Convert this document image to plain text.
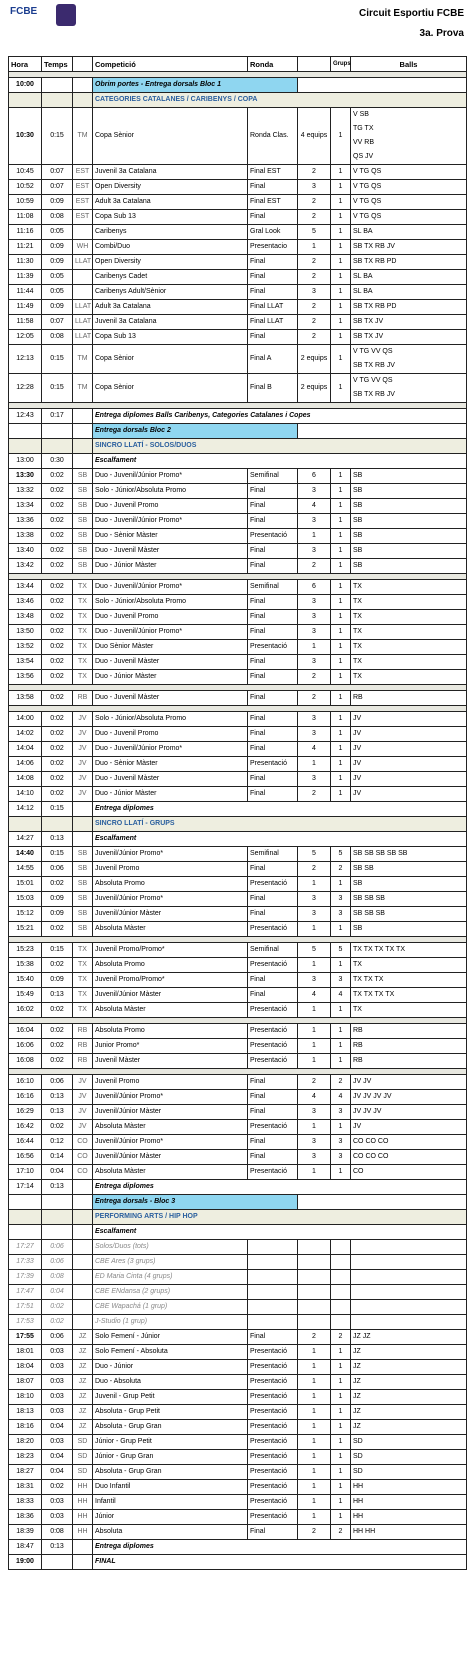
FCBE	Circuit Esportiu FCBE
3a. Prova
Hora	Temps		Competició	Ronda		Grups	Balls

10:00			Obrim portes - Entrega dorsals Bloc 1				
			CATEGORIES CATALANES / CARIBENYS / COPA				
10:30	0:15	TM	Copa Sènior	Ronda Clas.	4 equips	1	V SB
TG TX
VV RB
QS JV

10:45	0:07	EST	Juvenil 3a Catalana	Final EST	2	1	V TG QS

10:52	0:07	EST	Open Diversity	Final	3	1	V TG QS

10:59	0:09	EST	Adult 3a Catalana	Final EST	2	1	V TG QS

11:08	0:08	EST	Copa Sub 13	Final	2	1	V TG QS

11:16	0:05		Caribenys	Gral Look	5	1	SL BA

11:21	0:09	WH	Combi/Duo	Presentacio	1	1	SB TX RB JV

11:30	0:09	LLAT	Open Diversity	Final	2	1	SB TX RB PD

11:39	0:05		Caribenys Cadet	Final	2	1	SL BA

11:44	0:05		Caribenys Adult/Sènior	Final	3	1	SL BA

11:49	0:09	LLAT	Adult 3a Catalana	Final LLAT	2	1	SB TX RB PD

11:58	0:07	LLAT	Juvenil 3a Catalana	Final LLAT	2	1	SB TX JV

12:05	0:08	LLAT	Copa Sub 13	Final	2	1	SB TX JV

12:13	0:15	TM	Copa Sènior	Final A	2 equips	1	V TG VV QS
SB TX RB JV

12:28	0:15	TM	Copa Sènior	Final B	2 equips	1	V TG VV QS
SB TX RB JV

12:43	0:17		Entrega diplomes Balls Caribenys, Categories Catalanes i Copes				
			Entrega dorsals Bloc 2				
			SINCRO LLATÍ - SOLOS/DUOS				
13:00	0:30		Escalfament				
13:30	0:02	SB	Duo - Juvenil/Júnior Promo*	Semifinal	6	1	SB

13:32	0:02	SB	Solo - Júnior/Absoluta Promo	Final	3	1	SB

13:34	0:02	SB	Duo - Juvenil Promo	Final	4	1	SB

13:36	0:02	SB	Duo - Juvenil/Júnior Promo*	Final	3	1	SB

13:38	0:02	SB	Duo - Sènior Màster	Presentació	1	1	SB

13:40	0:02	SB	Duo - Juvenil Màster	Final	3	1	SB

13:42	0:02	SB	Duo - Júnior Màster	Final	2	1	SB

13:44	0:02	TX	Duo - Juvenil/Júnior Promo*	Semifinal	6	1	TX

13:46	0:02	TX	Solo - Júnior/Absoluta Promo	Final	3	1	TX

13:48	0:02	TX	Duo - Juvenil Promo	Final	3	1	TX

13:50	0:02	TX	Duo - Juvenil/Júnior Promo*	Final	3	1	TX

13:52	0:02	TX	Duo Sènior Màster	Presentació	1	1	TX

13:54	0:02	TX	Duo - Juvenil Màster	Final	3	1	TX

13:56	0:02	TX	Duo - Júnior Màster	Final	2	1	TX

13:58	0:02	RB	Duo - Juvenil Màster	Final	2	1	RB

14:00	0:02	JV	Solo - Júnior/Absoluta Promo	Final	3	1	JV

14:02	0:02	JV	Duo - Juvenil Promo	Final	3	1	JV

14:04	0:02	JV	Duo - Juvenil/Júnior Promo*	Final	4	1	JV

14:06	0:02	JV	Duo - Sènior Màster	Presentació	1	1	JV

14:08	0:02	JV	Duo - Juvenil Màster	Final	3	1	JV

14:10	0:02	JV	Duo - Júnior Màster	Final	2	1	JV

14:12	0:15		Entrega diplomes				
			SINCRO LLATÍ - GRUPS				
14:27	0:13		Escalfament				
14:40	0:15	SB	Juvenil/Júnior Promo*	Semifinal	5	5	SB SB SB SB SB

14:55	0:06	SB	Juvenil Promo	Final	2	2	SB SB

15:01	0:02	SB	Absoluta Promo	Presentació	1	1	SB

15:03	0:09	SB	Juvenil/Júnior Promo*	Final	3	3	SB SB SB

15:12	0:09	SB	Juvenil/Júnior Màster	Final	3	3	SB SB SB

15:21	0:02	SB	Absoluta Màster	Presentació	1	1	SB

15:23	0:15	TX	Juvenil Promo/Promo*	Semifinal	5	5	TX TX TX TX TX

15:38	0:02	TX	Absoluta Promo	Presentació	1	1	TX

15:40	0:09	TX	Juvenil Promo/Promo*	Final	3	3	TX TX TX

15:49	0:13	TX	Juvenil/Júnior Màster	Final	4	4	TX TX TX TX

16:02	0:02	TX	Absoluta Màster	Presentació	1	1	TX

16:04	0:02	RB	Absoluta Promo	Presentació	1	1	RB

16:06	0:02	RB	Junior Promo*	Presentació	1	1	RB

16:08	0:02	RB	Juvenil Màster	Presentació	1	1	RB

16:10	0:06	JV	Juvenil Promo	Final	2	2	JV JV

16:16	0:13	JV	Juvenil/Júnior Promo*	Final	4	4	JV JV JV JV

16:29	0:13	JV	Juvenil/Júnior Màster	Final	3	3	JV JV JV

16:42	0:02	JV	Absoluta Màster	Presentació	1	1	JV

16:44	0:12	CO	Juvenil/Júnior Promo*	Final	3	3	CO CO CO

16:56	0:14	CO	Juvenil/Júnior Màster	Final	3	3	CO CO CO

17:10	0:04	CO	Absoluta Màster	Presentació	1	1	CO

17:14	0:13		Entrega diplomes				
			Entrega dorsals - Bloc 3				
			PERFORMING ARTS / HIP HOP				
			Escalfament				
17:27	0:06		Solos/Duos (tots)				
17:33	0:06		CBE Ares (3 grups)				
17:39	0:08		ED Maria Cinta (4 grups)				
17:47	0:04		CBE ENdansa (2 grups)				
17:51	0:02		CBE Wapachá (1 grup)				
17:53	0:02		J-Studio (1 grup)				
17:55	0:06	JZ	Solo Femení - Júnior	Final	2	2	JZ JZ

18:01	0:03	JZ	Solo Femení - Absoluta	Presentació	1	1	JZ

18:04	0:03	JZ	Duo - Júnior	Presentació	1	1	JZ

18:07	0:03	JZ	Duo - Absoluta	Presentació	1	1	JZ

18:10	0:03	JZ	Juvenil - Grup Petit	Presentació	1	1	JZ

18:13	0:03	JZ	Absoluta - Grup Petit	Presentació	1	1	JZ

18:16	0:04	JZ	Absoluta - Grup Gran	Presentació	1	1	JZ

18:20	0:03	SD	Júnior - Grup Petit	Presentació	1	1	SD

18:23	0:04	SD	Júnior - Grup Gran	Presentació	1	1	SD

18:27	0:04	SD	Absoluta - Grup Gran	Presentació	1	1	SD

18:31	0:02	HH	Duo Infantil	Presentació	1	1	HH

18:33	0:03	HH	Infantil	Presentació	1	1	HH

18:36	0:03	HH	Júnior	Presentació	1	1	HH

18:39	0:08	HH	Absoluta	Final	2	2	HH HH

18:47	0:13		Entrega diplomes				
19:00			FINAL				
